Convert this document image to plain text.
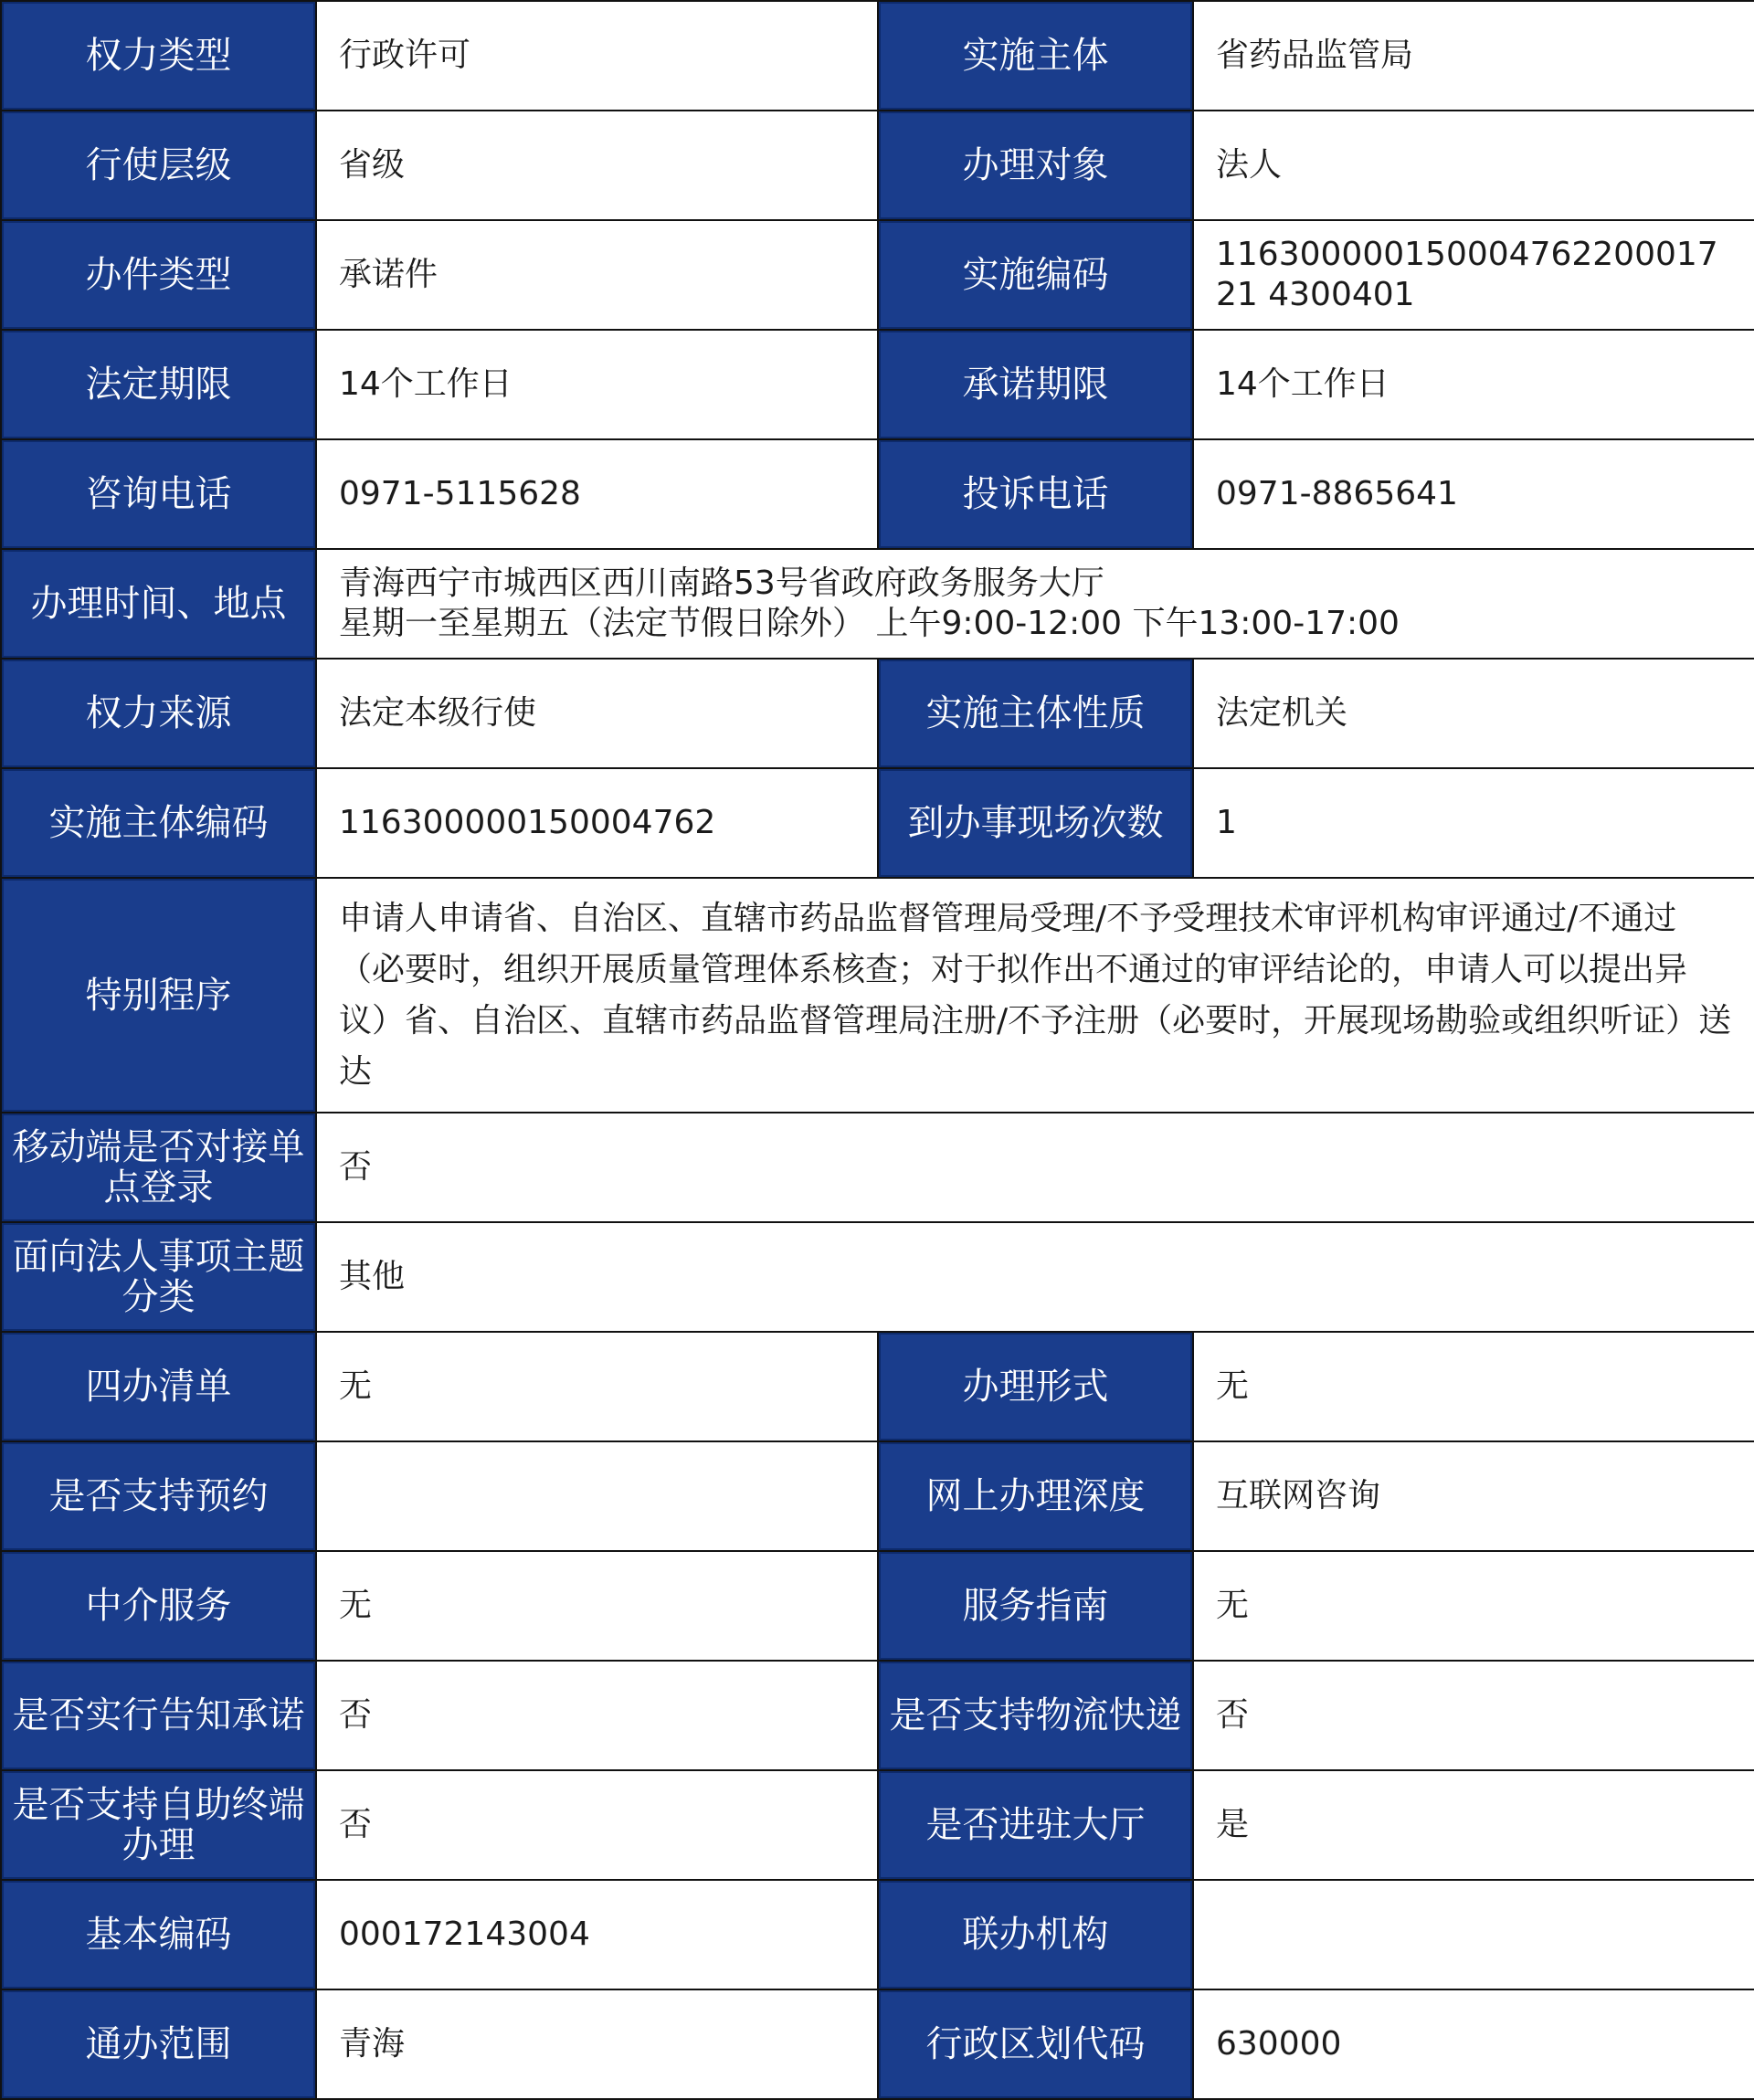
权力类型	行政许可	实施主体	省药品监管局
行使层级	省级	办理对象	法人
办件类型	承诺件	实施编码	11630000015000476220001721 4300401
法定期限	14个工作日	承诺期限	14个工作日
咨询电话	0971-5115628	投诉电话	0971-8865641
办理时间、地点	青海西宁市城西区西川南路53号省政府政务服务大厅
星期一至星期五（法定节假日除外） 上午9:00-12:00 下午13:00-17:00		
权力来源	法定本级行使	实施主体性质	法定机关
实施主体编码	116300000150004762	到办事现场次数	1
特别程序	申请人申请省、自治区、直辖市药品监督管理局受理/不予受理技术审评机构审评通过/不通过（必要时，组织开展质量管理体系核查；对于拟作出不通过的审评结论的，申请人可以提出异议）省、自治区、直辖市药品监督管理局注册/不予注册（必要时，开展现场勘验或组织听证）送达		
移动端是否对接单点登录	否		
面向法人事项主题分类	其他		
四办清单	无	办理形式	无
是否支持预约		网上办理深度	互联网咨询
中介服务	无	服务指南	无
是否实行告知承诺	否	是否支持物流快递	否
是否支持自助终端办理	否	是否进驻大厅	是
基本编码	000172143004	联办机构	
通办范围	青海	行政区划代码	630000
